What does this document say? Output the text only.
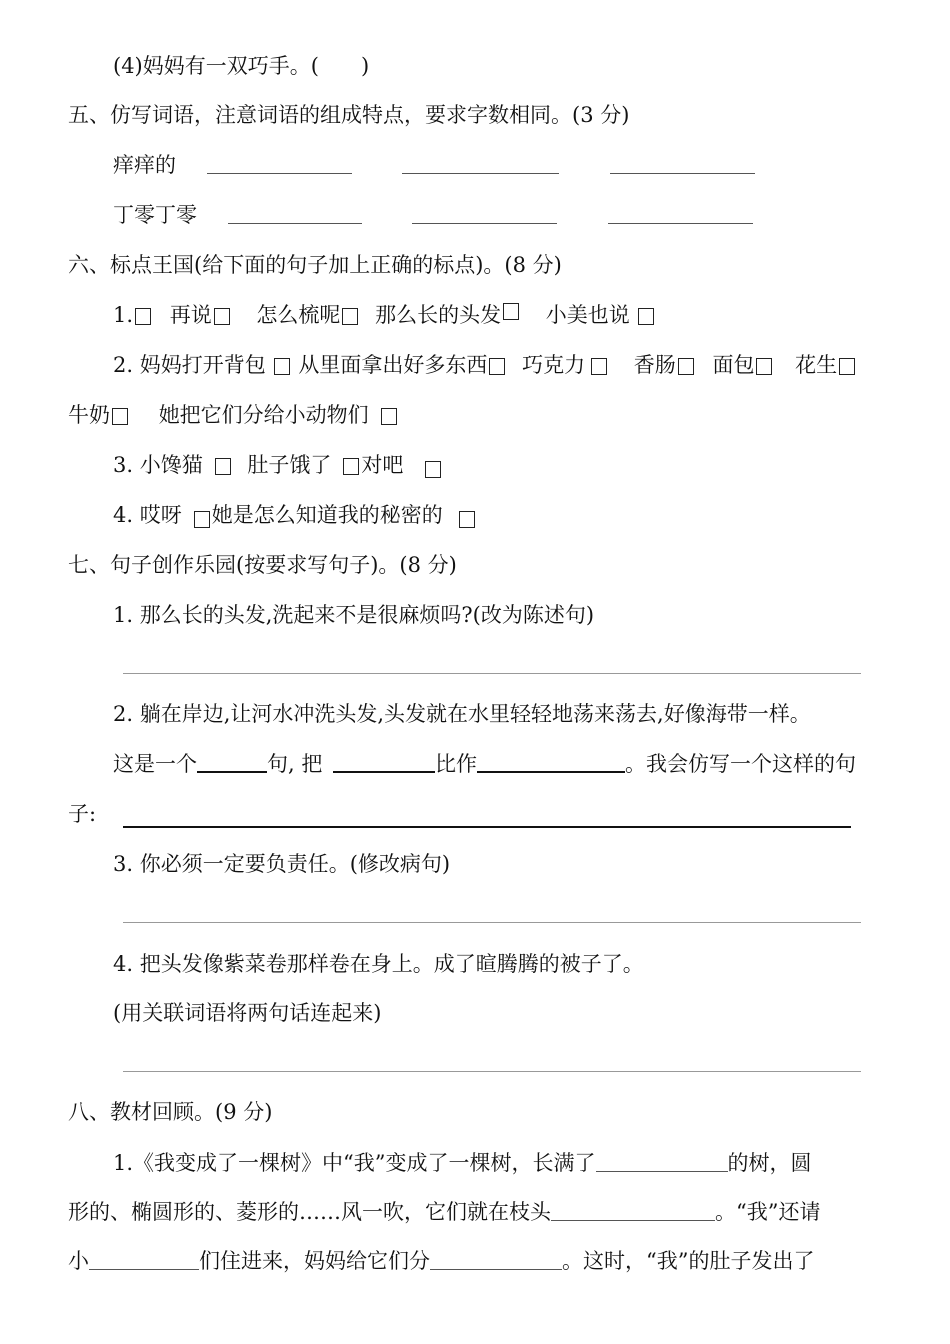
(4)妈妈有一双巧手。(　　)
五、仿写词语，注意词语的组成特点，要求字数相同。(3 分)
痒痒的
丁零丁零
六、标点王国(给下面的句子加上正确的标点)。(8 分)
1. 再说 怎么梳呢 那么长的头发 小美也说
2. 妈妈打开背包 从里面拿出好多东西 巧克力 香肠 面包 花生
牛奶 她把它们分给小动物们
3. 小馋猫 肚子饿了 对吧
4. 哎呀 她是怎么知道我的秘密的
七、句子创作乐园(按要求写句子)。(8 分)
1. 那么长的头发,洗起来不是很麻烦吗?(改为陈述句)
2. 躺在岸边,让河水冲洗头发,头发就在水里轻轻地荡来荡去,好像海带一样。
这是一个	句, 把	比作	。我会仿写一个这样的句
子:
3. 你必须一定要负责任。(修改病句)
4. 把头发像紫菜卷那样卷在身上。成了暄腾腾的被子了。
(用关联词语将两句话连起来)
八、教材回顾。(9 分)
1.《我变成了一棵树》中“我”变成了一棵树，长满了	的树，圆
形的、椭圆形的、菱形的……风一吹，它们就在枝头	。“我”还请
小	们住进来，妈妈给它们分	。这时，“我”的肚子发出了
